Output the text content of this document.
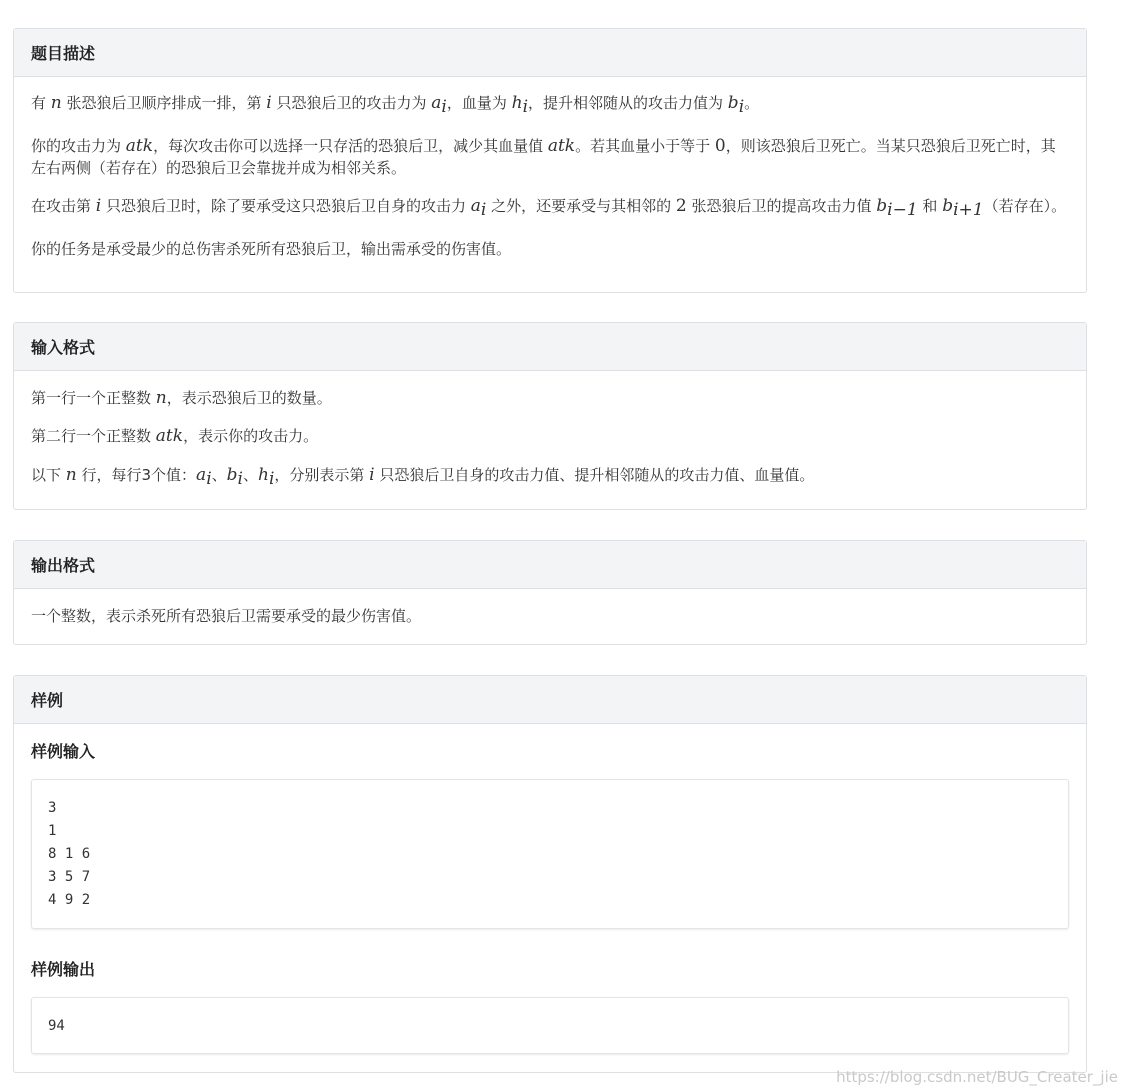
题目描述

有 n 张恐狼后卫顺序排成一排，第 i 只恐狼后卫的攻击力为 $a_i$，血量为 $h_i$，提升相邻随从的攻击力值为 $b_i$。

你的攻击力为 atk，每次攻击你可以选择一只存活的恐狼后卫，减少其血量值 atk。若其血量小于等于 0，则该恐狼后卫死亡。当某只恐狼后卫死亡时，其左右两侧（若存在）的恐狼后卫会靠拢并成为相邻关系。

在攻击第 i 只恐狼后卫时，除了要承受这只恐狼后卫自身的攻击力 $a_i$ 之外，还要承受与其相邻的 2 张恐狼后卫的提高攻击力值 $b_{i-1}$ 和 $b_{i+1}$（若存在）。

你的任务是承受最少的总伤害杀死所有恐狼后卫，输出需承受的伤害值。

输入格式

第一行一个正整数 n，表示恐狼后卫的数量。

第二行一个正整数 atk，表示你的攻击力。

以下 n 行，每行3个值：$a_i$、$b_i$、$h_i$，分别表示第 i 只恐狼后卫自身的攻击力值、提升相邻随从的攻击力值、血量值。

输出格式

一个整数，表示杀死所有恐狼后卫需要承受的最少伤害值。

样例
样例输入
3
1
8 1 6
3 5 7
4 9 2
样例输出
94
https://blog.csdn.net/BUG_Creater_jie
